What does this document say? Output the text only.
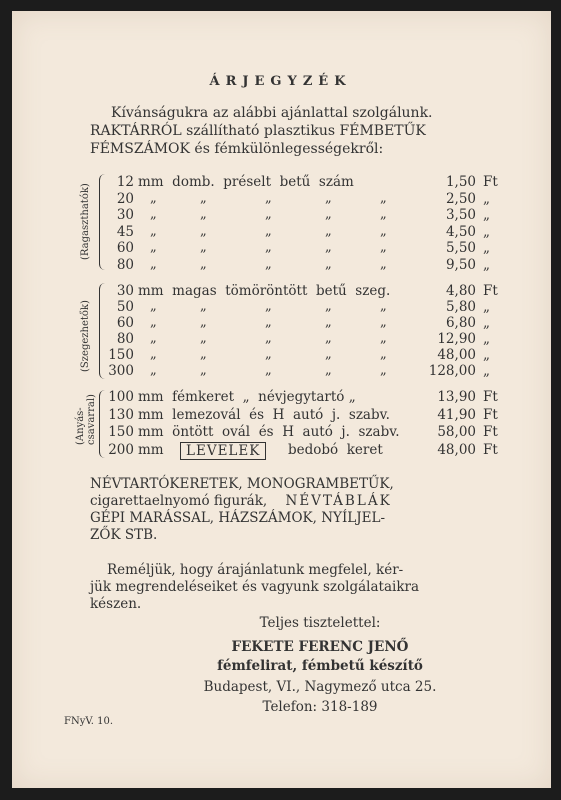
ÁRJEGYZÉK
Kívánságukra az alábbi ajánlattal szolgálunk.
RAKTÁRRÓL szállítható plasztikus FÉMBETŰK
FÉMSZÁMOK és fémkülönlegességekről:
(Ragaszthatók)
12 mm  domb.  préselt  betű  szám	1,50 Ft
20 „	„	„	„	„	2,50 „
30 „	„	„	„	„	3,50 „
45 „	„	„	„	„	4,50 „
60 „	„	„	„	„	5,50 „
80 „	„	„	„	„	9,50 „
(Szegezhetők)
30 mm  magas  tömöröntött  betű  szeg.	4,80 Ft
50 „	„	„	„	„	5,80 „
60 „	„	„	„	„	6,80 „
80 „	„	„	„	„	12,90 „
150 „	„	„	„	„	48,00 „
300 „	„	„	„	„	128,00 „
(Anyás-csavarral) 100 mm  fémkeret  „  névjegytartó „	13,90 Ft
130 mm  lemezovál  és  H  autó  j.  szabv.	41,90 Ft
150 mm  öntött  ovál  és  H  autó  j.  szabv.	58,00 Ft
200 mm	LEVELEK	bedobó  keret	48,00 Ft
NÉVTARTÓKERETEK, MONOGRAMBETŰK,
cigarettaelnyomó figurák, NÉVTÁBLÁK
GÉPI MARÁSSAL, HÁZSZÁMOK, NYÍLJEL-
ZŐK STB.
Reméljük, hogy árajánlatunk megfelel, kér-
jük megrendeléseiket és vagyunk szolgálataikra
készen.
Teljes tisztelettel:
FEKETE FERENC JENŐ
fémfelirat, fémbetű készítő
Budapest, VI., Nagymező utca 25.
Telefon: 318-189
FNyV. 10.
